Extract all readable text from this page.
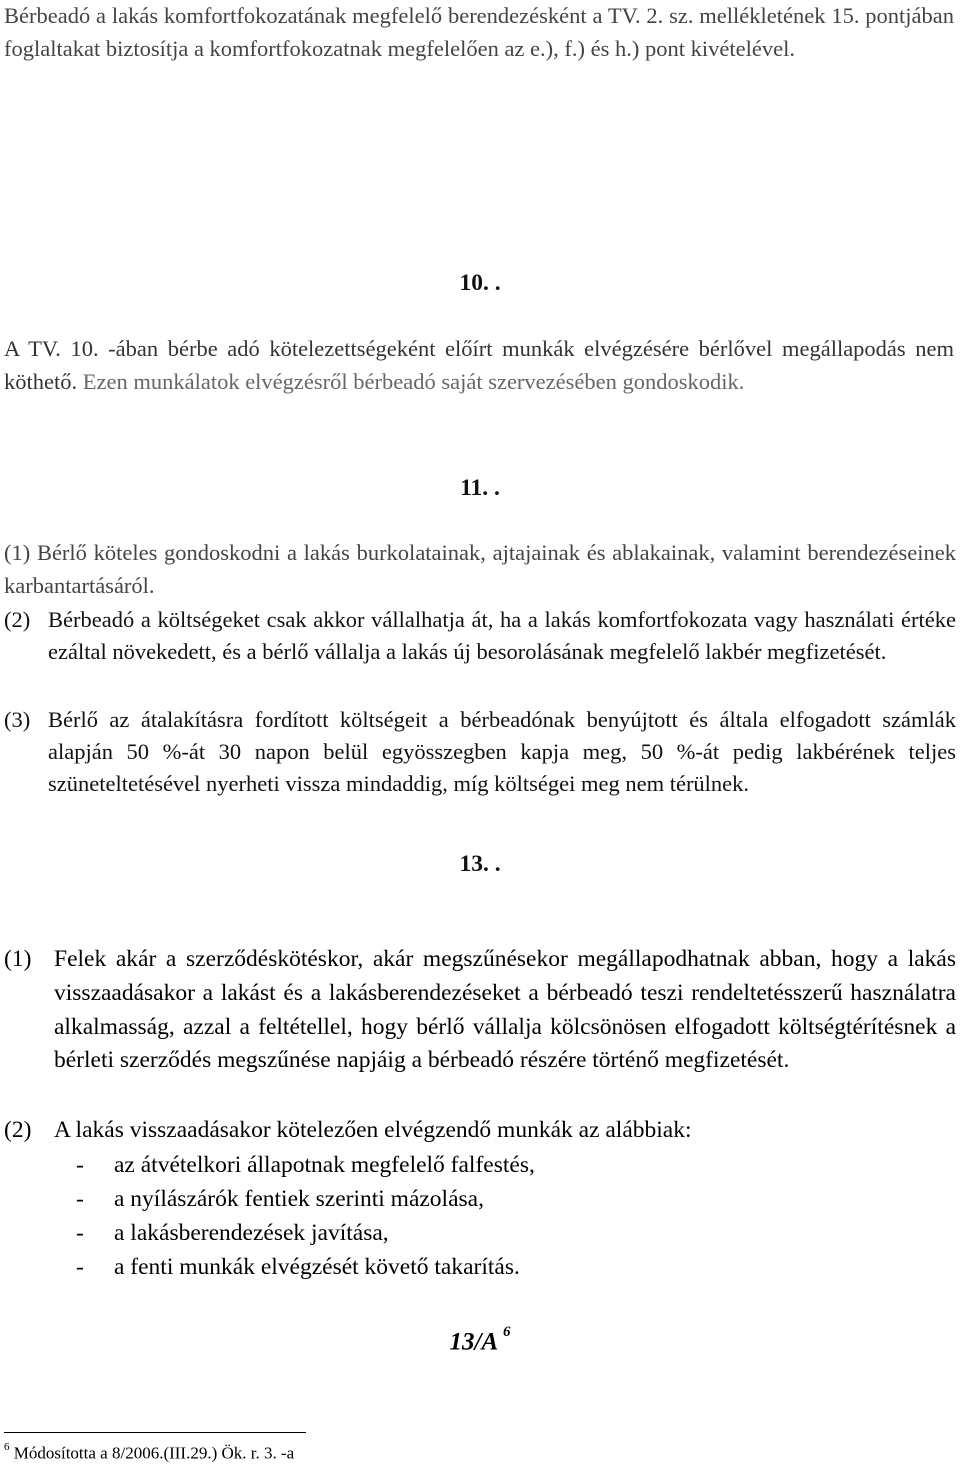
Bérbeadó a lakás komfortfokozatának megfelelő berendezésként a TV. 2. sz. mellékletének 15. pontjában foglaltakat biztosítja a komfortfokozatnak megfelelően az e.), f.) és h.) pont kivételével.
10. .
A TV. 10. -ában bérbe adó kötelezettségeként előírt munkák elvégzésére bérlővel megállapodás nem köthető. Ezen munkálatok elvégzésről bérbeadó saját szervezésében gondoskodik.
11. .
(1) Bérlő köteles gondoskodni a lakás burkolatainak, ajtajainak és ablakainak, valamint berendezéseinek karbantartásáról.
(2) Bérbeadó a költségeket csak akkor vállalhatja át, ha a lakás komfortfokozata vagy használati értéke ezáltal növekedett, és a bérlő vállalja a lakás új besorolásának megfelelő lakbér megfizetését.
(3) Bérlő az átalakításra fordított költségeit a bérbeadónak benyújtott és általa elfogadott számlák alapján 50 %-át 30 napon belül egyösszegben kapja meg, 50 %-át pedig lakbérének teljes szüneteltetésével nyerheti vissza mindaddig, míg költségei meg nem térülnek.
13. .
(1) Felek akár a szerződéskötéskor, akár megszűnésekor megállapodhatnak abban, hogy a lakás visszaadásakor a lakást és a lakásberendezéseket a bérbeadó teszi rendeltetésszerű használatra alkalmasság, azzal a feltétellel, hogy bérlő vállalja kölcsönösen elfogadott költségtérítésnek a bérleti szerződés megszűnése napjáig a bérbeadó részére történő megfizetését.
(2) A lakás visszaadásakor kötelezően elvégzendő munkák az alábbiak:
- az átvételkori állapotnak megfelelő falfestés,
- a nyílászárók fentiek szerinti mázolása,
- a lakásberendezések javítása,
- a fenti munkák elvégzését követő takarítás.
13/A $^6$
$^6$ Módosította a 8/2006.(III.29.) Ök. r. 3. -a
